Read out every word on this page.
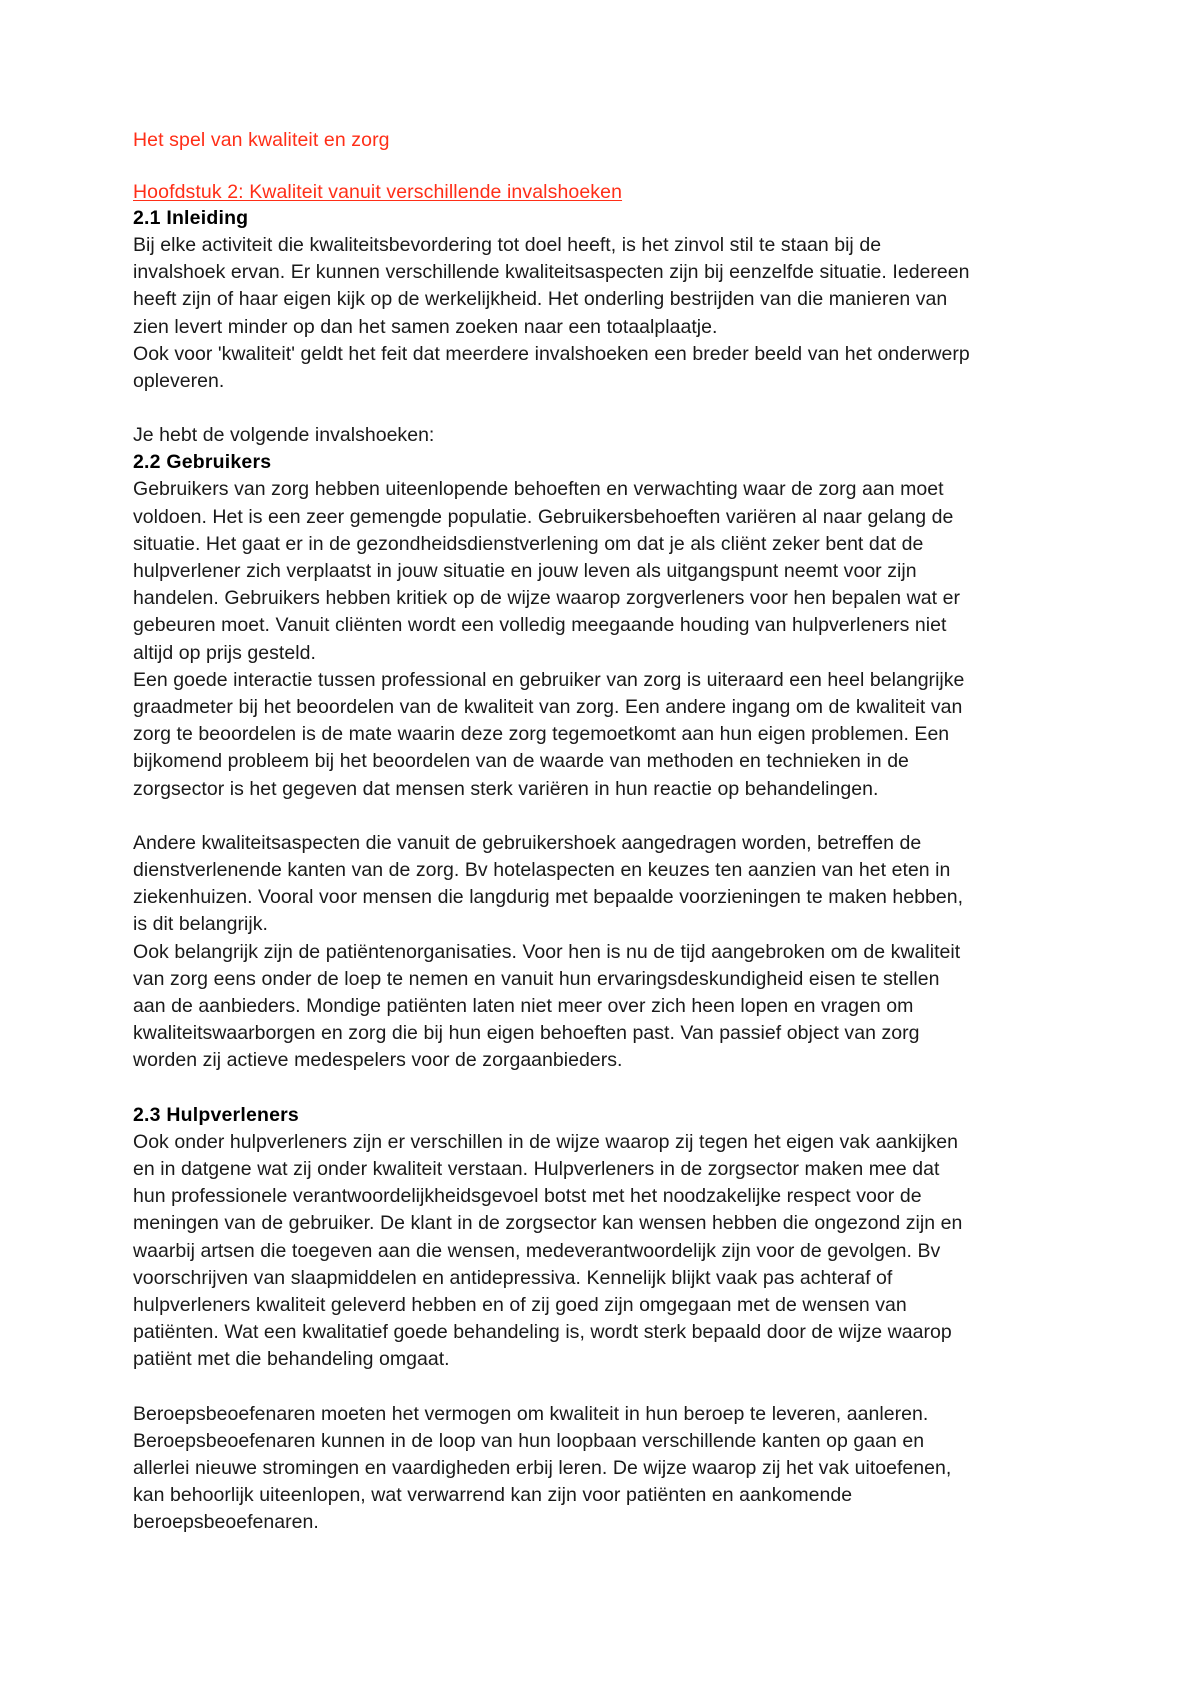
Het spel van kwaliteit en zorg
Hoofdstuk 2: Kwaliteit vanuit verschillende invalshoeken
2.1 Inleiding

Bij elke activiteit die kwaliteitsbevordering tot doel heeft, is het zinvol stil te staan bij de invalshoek ervan. Er kunnen verschillende kwaliteitsaspecten zijn bij eenzelfde situatie. Iedereen heeft zijn of haar eigen kijk op de werkelijkheid. Het onderling bestrijden van die manieren van zien levert minder op dan het samen zoeken naar een totaalplaatje.

Ook voor 'kwaliteit' geldt het feit dat meerdere invalshoeken een breder beeld van het onderwerp opleveren.

Je hebt de volgende invalshoeken:

2.2 Gebruikers

Gebruikers van zorg hebben uiteenlopende behoeften en verwachting waar de zorg aan moet voldoen. Het is een zeer gemengde populatie. Gebruikersbehoeften variëren al naar gelang de situatie. Het gaat er in de gezondheidsdienstverlening om dat je als cliënt zeker bent dat de hulpverlener zich verplaatst in jouw situatie en jouw leven als uitgangspunt neemt voor zijn handelen. Gebruikers hebben kritiek op de wijze waarop zorgverleners voor hen bepalen wat er gebeuren moet. Vanuit cliënten wordt een volledig meegaande houding van hulpverleners niet altijd op prijs gesteld.

Een goede interactie tussen professional en gebruiker van zorg is uiteraard een heel belangrijke graadmeter bij het beoordelen van de kwaliteit van zorg. Een andere ingang om de kwaliteit van zorg te beoordelen is de mate waarin deze zorg tegemoetkomt aan hun eigen problemen. Een bijkomend probleem bij het beoordelen van de waarde van methoden en technieken in de zorgsector is het gegeven dat mensen sterk variëren in hun reactie op behandelingen.

Andere kwaliteitsaspecten die vanuit de gebruikershoek aangedragen worden, betreffen de dienstverlenende kanten van de zorg. Bv hotelaspecten en keuzes ten aanzien van het eten in ziekenhuizen. Vooral voor mensen die langdurig met bepaalde voorzieningen te maken hebben, is dit belangrijk.

Ook belangrijk zijn de patiëntenorganisaties. Voor hen is nu de tijd aangebroken om de kwaliteit van zorg eens onder de loep te nemen en vanuit hun ervaringsdeskundigheid eisen te stellen aan de aanbieders. Mondige patiënten laten niet meer over zich heen lopen en vragen om kwaliteitswaarborgen en zorg die bij hun eigen behoeften past. Van passief object van zorg worden zij actieve medespelers voor de zorgaanbieders.

2.3 Hulpverleners

Ook onder hulpverleners zijn er verschillen in de wijze waarop zij tegen het eigen vak aankijken en in datgene wat zij onder kwaliteit verstaan. Hulpverleners in de zorgsector maken mee dat hun professionele verantwoordelijkheidsgevoel botst met het noodzakelijke respect voor de meningen van de gebruiker. De klant in de zorgsector kan wensen hebben die ongezond zijn en waarbij artsen die toegeven aan die wensen, medeverantwoordelijk zijn voor de gevolgen. Bv voorschrijven van slaapmiddelen en antidepressiva. Kennelijk blijkt vaak pas achteraf of hulpverleners kwaliteit geleverd hebben en of zij goed zijn omgegaan met de wensen van patiënten. Wat een kwalitatief goede behandeling is, wordt sterk bepaald door de wijze waarop patiënt met die behandeling omgaat.

Beroepsbeoefenaren moeten het vermogen om kwaliteit in hun beroep te leveren, aanleren. Beroepsbeoefenaren kunnen in de loop van hun loopbaan verschillende kanten op gaan en allerlei nieuwe stromingen en vaardigheden erbij leren. De wijze waarop zij het vak uitoefenen, kan behoorlijk uiteenlopen, wat verwarrend kan zijn voor patiënten en aankomende beroepsbeoefenaren.
